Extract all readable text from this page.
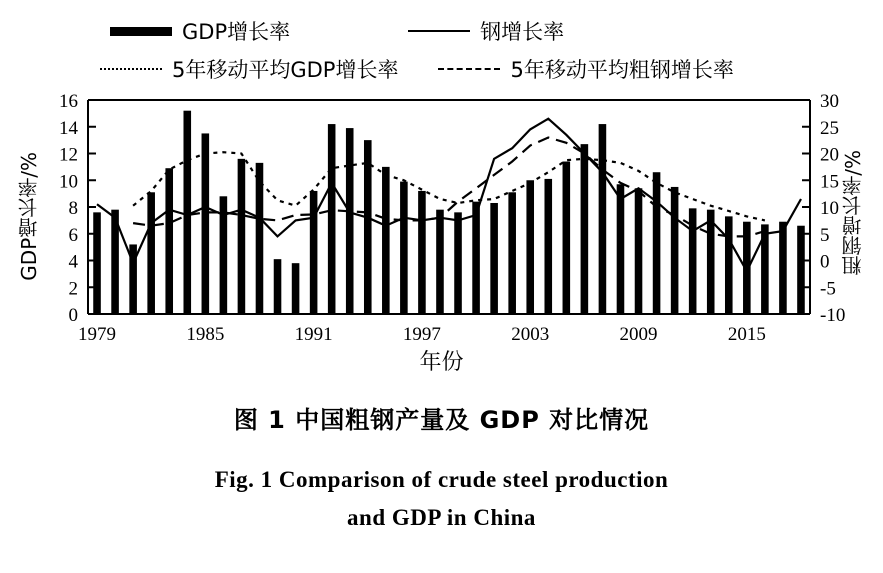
GDP增长率	钢增长率
5年移动平均GDP增长率	5年移动平均粗钢增长率
GDP增长率/%	粗钢增长率/%
0
2
4
6
8
10
12
14
16
-10
-5
0
5
10
15
20
25
30
1979	1985	1991	1997	2003	2009	2015
年份
图 1 中国粗钢产量及 GDP 对比情况
Fig. 1 Comparison of crude steel production
and GDP in China
